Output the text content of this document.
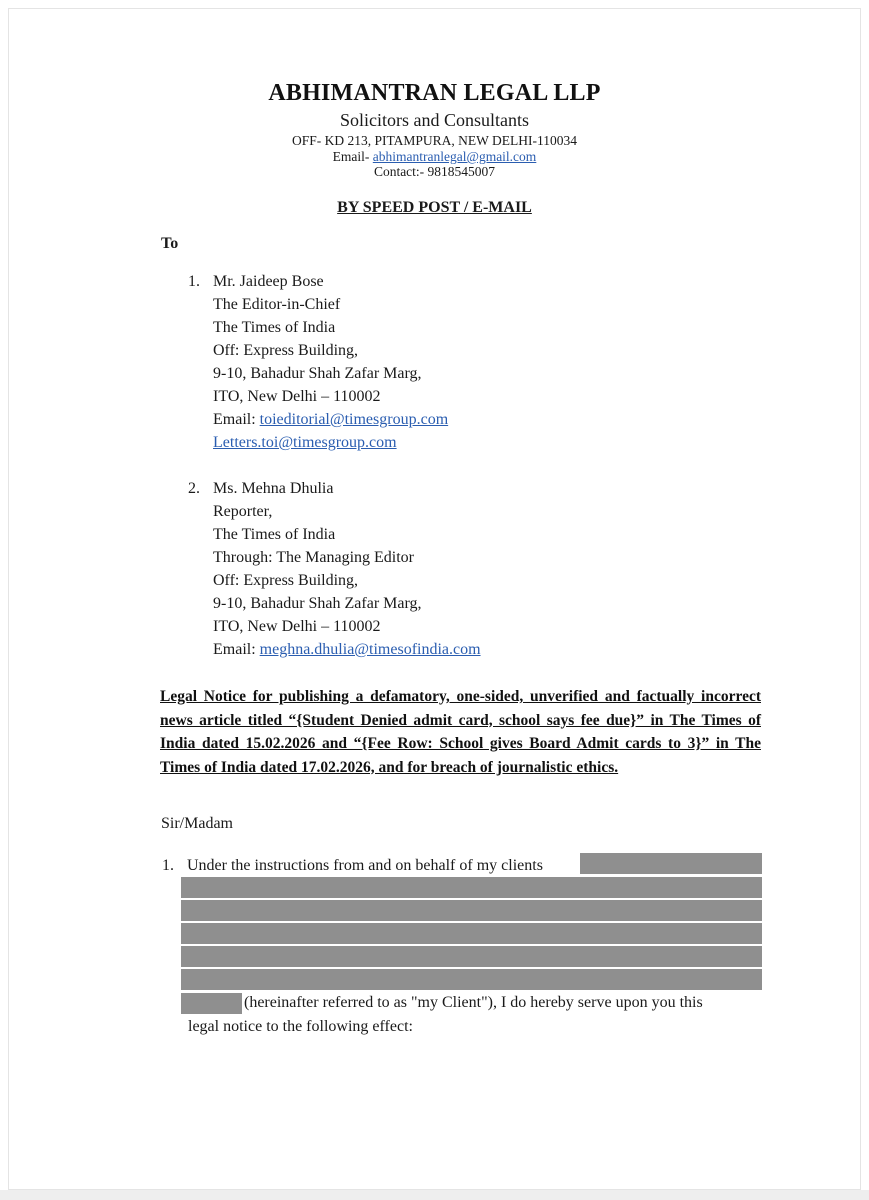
ABHIMANTRAN LEGAL LLP
Solicitors and Consultants
OFF- KD 213, PITAMPURA, NEW DELHI-110034
Email- abhimantranlegal@gmail.com
Contact:- 9818545007
BY SPEED POST / E-MAIL
To
1. Mr. Jaideep Bose
The Editor-in-Chief
The Times of India
Off: Express Building,
9-10, Bahadur Shah Zafar Marg,
ITO, New Delhi – 110002
Email: toieditorial@timesgroup.com
Letters.toi@timesgroup.com
2. Ms. Mehna Dhulia
Reporter,
The Times of India
Through: The Managing Editor
Off: Express Building,
9-10, Bahadur Shah Zafar Marg,
ITO, New Delhi – 110002
Email: meghna.dhulia@timesofindia.com
Legal Notice for publishing a defamatory, one-sided, unverified and factually incorrect news article titled “{Student Denied admit card, school says fee due}” in The Times of India dated 15.02.2026 and “{Fee Row: School gives Board Admit cards to 3}” in The Times of India dated 17.02.2026, and for breach of journalistic ethics.
Sir/Madam
1. Under the instructions from and on behalf of my clients
(hereinafter referred to as "my Client"), I do hereby serve upon you this
legal notice to the following effect:
